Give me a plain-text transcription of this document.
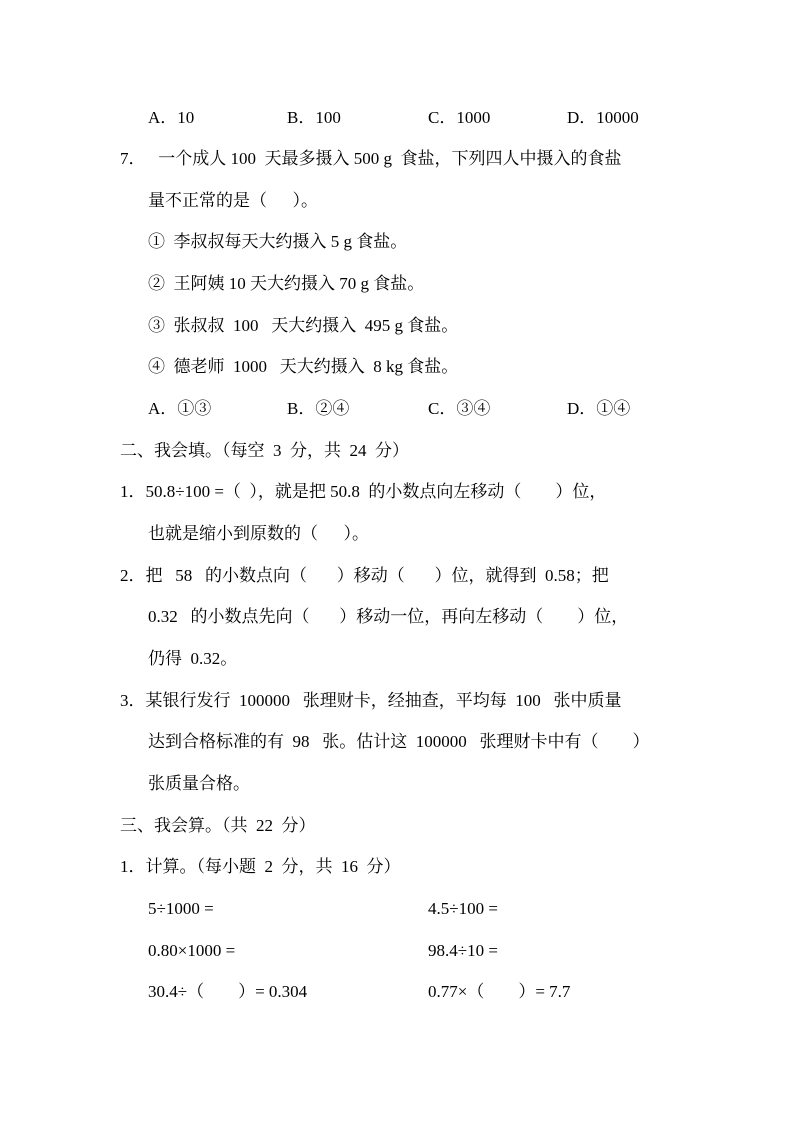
A．10	B．100	C．1000	D．10000
7．   一个成人 100  天最多摄入 500 g  食盐，下列四人中摄入的食盐
量不正常的是（      ）。
①  李叔叔每天大约摄入 5 g 食盐。
②  王阿姨 10 天大约摄入 70 g 食盐。
③  张叔叔  100   天大约摄入  495 g 食盐。
④  德老师  1000   天大约摄入  8 kg 食盐。
A．①③	B．②④	C．③④	D．①④
二、我会填。（每空  3  分，共  24  分）
1．50.8÷100 =（  ），就是把 50.8  的小数点向左移动（        ）位，
也就是缩小到原数的（      ）。
2．把   58   的小数点向（       ）移动（       ）位，就得到  0.58；把
0.32   的小数点先向（       ）移动一位，再向左移动（        ）位，
仍得  0.32。
3．某银行发行  100000   张理财卡，经抽查，平均每  100   张中质量
达到合格标准的有  98   张。估计这  100000   张理财卡中有（        ）
张质量合格。
三、我会算。（共  22  分）
1．计算。（每小题  2  分，共  16  分）
5÷1000 =	4.5÷100 =
0.80×1000 =	98.4÷10 =
30.4÷（        ）= 0.304	0.77×（        ）= 7.7
